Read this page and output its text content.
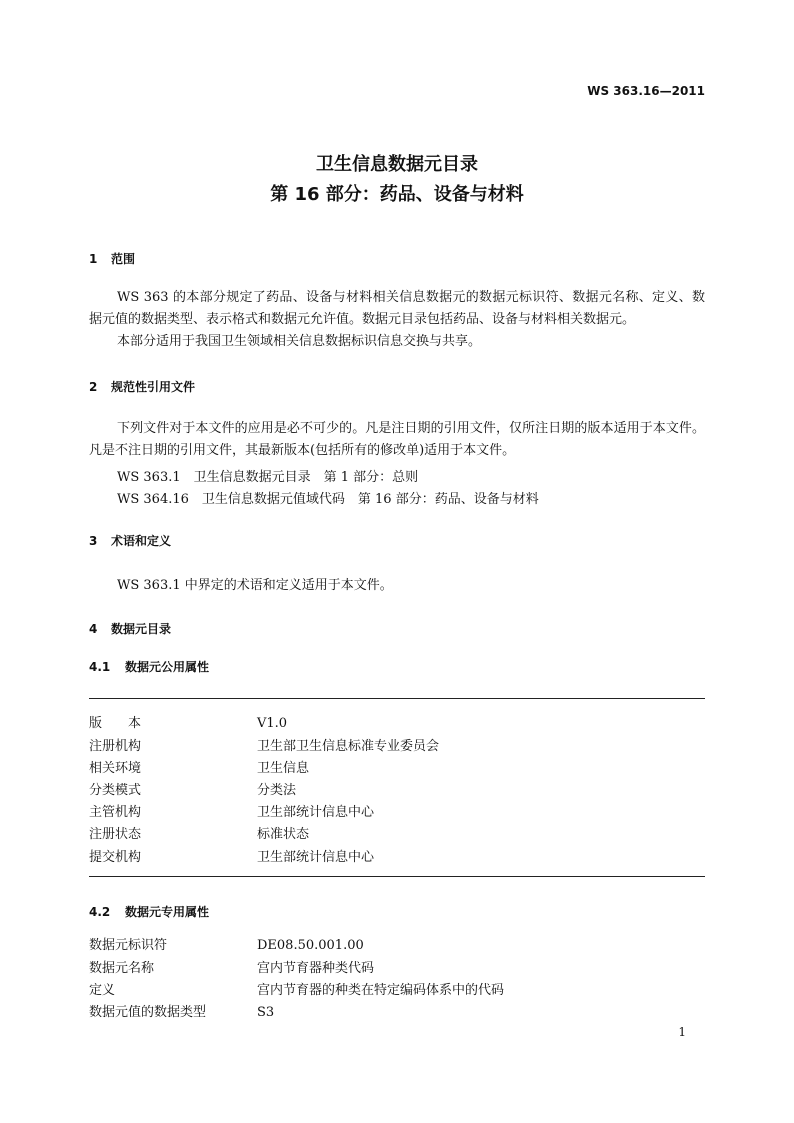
WS 363.16—2011
卫生信息数据元目录
第 16 部分：药品、设备与材料
1 范围

WS 363 的本部分规定了药品、设备与材料相关信息数据元的数据元标识符、数据元名称、定义、数据元值的数据类型、表示格式和数据元允许值。数据元目录包括药品、设备与材料相关数据元。

本部分适用于我国卫生领域相关信息数据标识信息交换与共享。

2 规范性引用文件

下列文件对于本文件的应用是必不可少的。凡是注日期的引用文件，仅所注日期的版本适用于本文件。凡是不注日期的引用文件，其最新版本(包括所有的修改单)适用于本文件。

WS 363.1　卫生信息数据元目录　第 1 部分：总则
WS 364.16　卫生信息数据元值域代码　第 16 部分：药品、设备与材料
3 术语和定义
WS 363.1 中界定的术语和定义适用于本文件。
4 数据元目录
4.1 数据元公用属性
版　　本	V1.0
注册机构	卫生部卫生信息标准专业委员会
相关环境	卫生信息
分类模式	分类法
主管机构	卫生部统计信息中心
注册状态	标准状态
提交机构	卫生部统计信息中心
4.2 数据元专用属性
数据元标识符	DE08.50.001.00
数据元名称	宫内节育器种类代码
定义	宫内节育器的种类在特定编码体系中的代码
数据元值的数据类型	S3
1
